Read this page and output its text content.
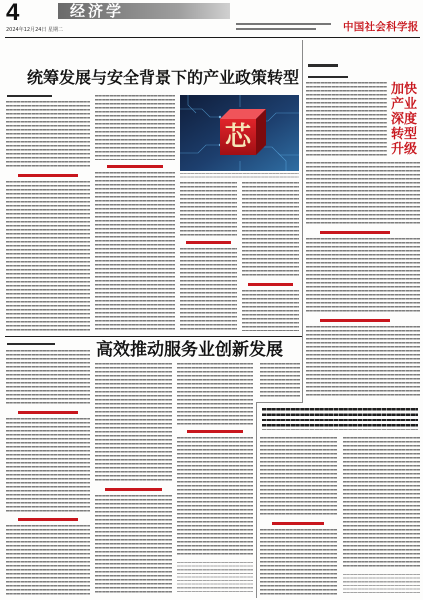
4	经济学
2024年12月24日 星期二	中国社会科学报
统筹发展与安全背景下的产业政策转型
芯
加快产业深度转型升级
高效推动服务业创新发展
